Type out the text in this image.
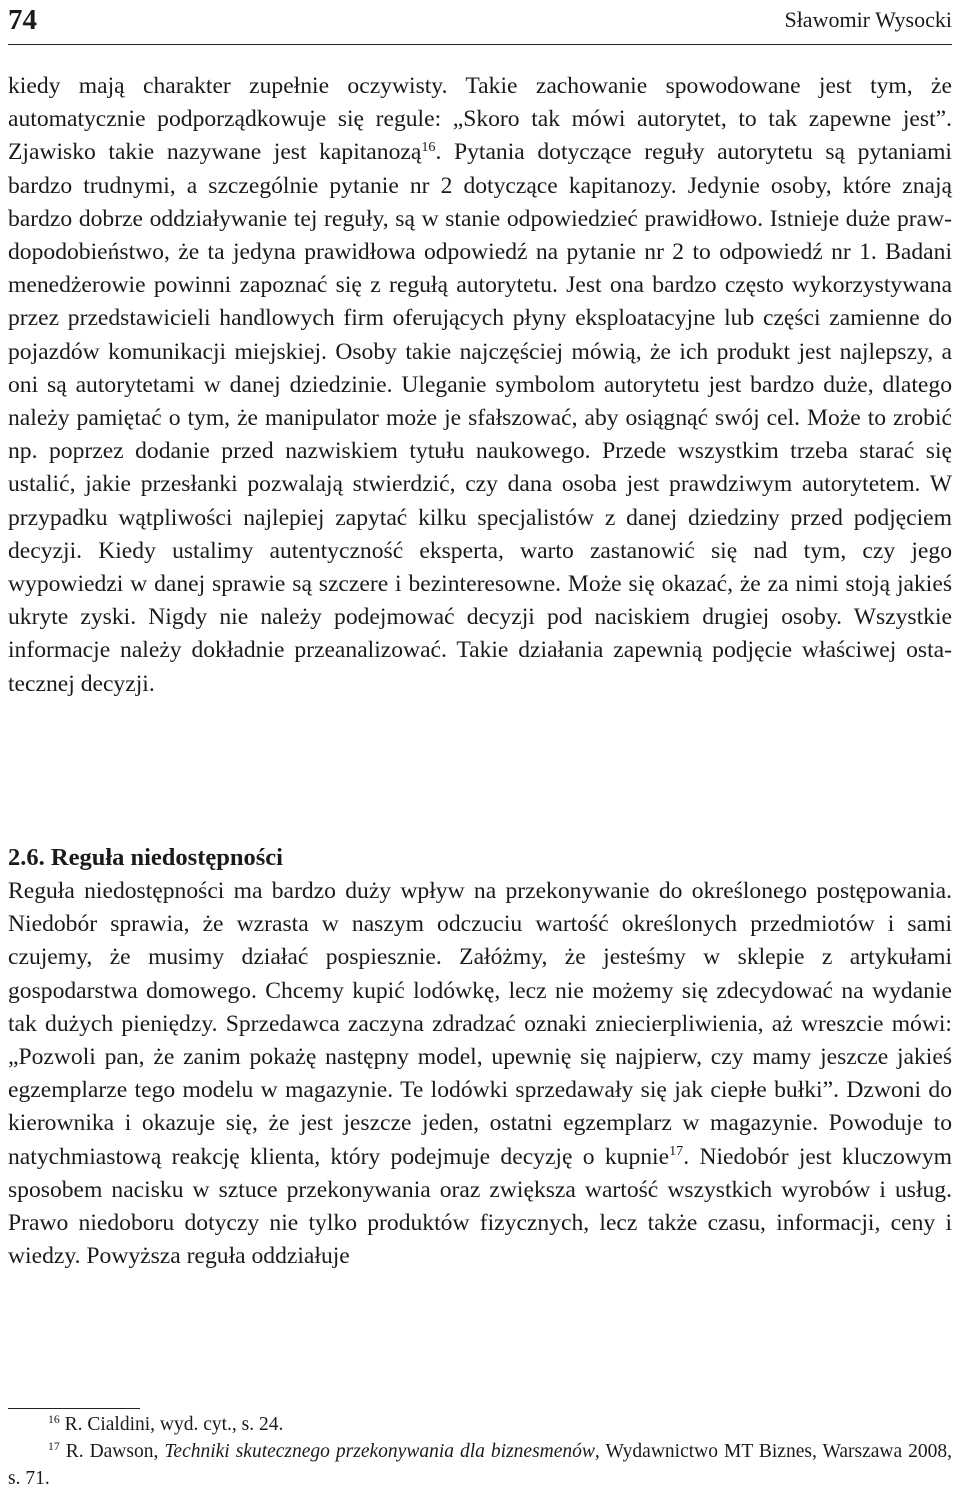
74	Sławomir Wysocki

kiedy mają charakter zupełnie oczywisty. Takie zachowanie spowodowane jest tym, że automatycznie podporządkowuje się regule: „Skoro tak mówi autorytet, to tak zapewne jest”. Zjawisko takie nazywane jest kapitanozą$^{16}$. Pytania dotyczące reguły autorytetu są pytaniami bardzo trudnymi, a szczególnie pytanie nr 2 dotyczące kapitanozy. Jedynie osoby, które znają bardzo dobrze oddziaływanie tej reguły, są w stanie odpowiedzieć prawidłowo. Istnieje duże prawdopodobieństwo, że ta jedyna prawidłowa odpowiedź na pytanie nr 2 to odpowiedź nr 1. Badani menedżerowie powinni zapoznać się z regułą autorytetu. Jest ona bardzo często wykorzystywana przez przedstawicieli handlowych firm oferujących płyny eksploatacyjne lub części zamienne do pojazdów komunikacji miejskiej. Osoby takie najczęściej mówią, że ich produkt jest najlepszy, a oni są autorytetami w danej dziedzinie. Uleganie symbolom autorytetu jest bardzo duże, dlatego należy pamiętać o tym, że manipulator może je sfałszować, aby osiągnąć swój cel. Może to zrobić np. poprzez dodanie przed nazwiskiem tytułu naukowego. Przede wszystkim trzeba starać się ustalić, jakie przesłanki pozwalają stwierdzić, czy dana osoba jest prawdziwym autorytetem. W przypadku wątpliwości najlepiej zapytać kilku specjalistów z danej dziedziny przed podjęciem decyzji. Kiedy ustalimy autentyczność eksperta, warto zastanowić się nad tym, czy jego wypowiedzi w danej sprawie są szczere i bezinteresowne. Może się okazać, że za nimi stoją jakieś ukryte zyski. Nigdy nie należy podejmować decyzji pod naciskiem drugiej osoby. Wszystkie informacje należy dokładnie przeanalizować. Takie działania zapewnią podjęcie właściwej ostatecznej decyzji.

2.6. Reguła niedostępności

Reguła niedostępności ma bardzo duży wpływ na przekonywanie do określonego postępowania. Niedobór sprawia, że wzrasta w naszym odczuciu wartość określonych przedmiotów i sami czujemy, że musimy działać pospiesznie. Załóżmy, że jesteśmy w sklepie z artykułami gospodarstwa domowego. Chcemy kupić lodówkę, lecz nie możemy się zdecydować na wydanie tak dużych pieniędzy. Sprzedawca zaczyna zdradzać oznaki zniecierpliwienia, aż wreszcie mówi: „Pozwoli pan, że zanim pokażę następny model, upewnię się najpierw, czy mamy jeszcze jakieś egzemplarze tego modelu w magazynie. Te lodówki sprzedawały się jak ciepłe bułki”. Dzwoni do kierownika i okazuje się, że jest jeszcze jeden, ostatni egzemplarz w magazynie. Powoduje to natychmiastową reakcję klienta, który podejmuje decyzję o kupnie$^{17}$. Niedobór jest kluczowym sposobem nacisku w sztuce przekonywania oraz zwiększa wartość wszystkich wyrobów i usług. Prawo niedoboru dotyczy nie tylko produktów fizycznych, lecz także czasu, informacji, ceny i wiedzy. Powyższa reguła oddziałuje

$^{16}$ R. Cialdini, wyd. cyt., s. 24.

$^{17}$ R. Dawson, Techniki skutecznego przekonywania dla biznesmenów, Wydawnictwo MT Biznes, Warszawa 2008, s. 71.
